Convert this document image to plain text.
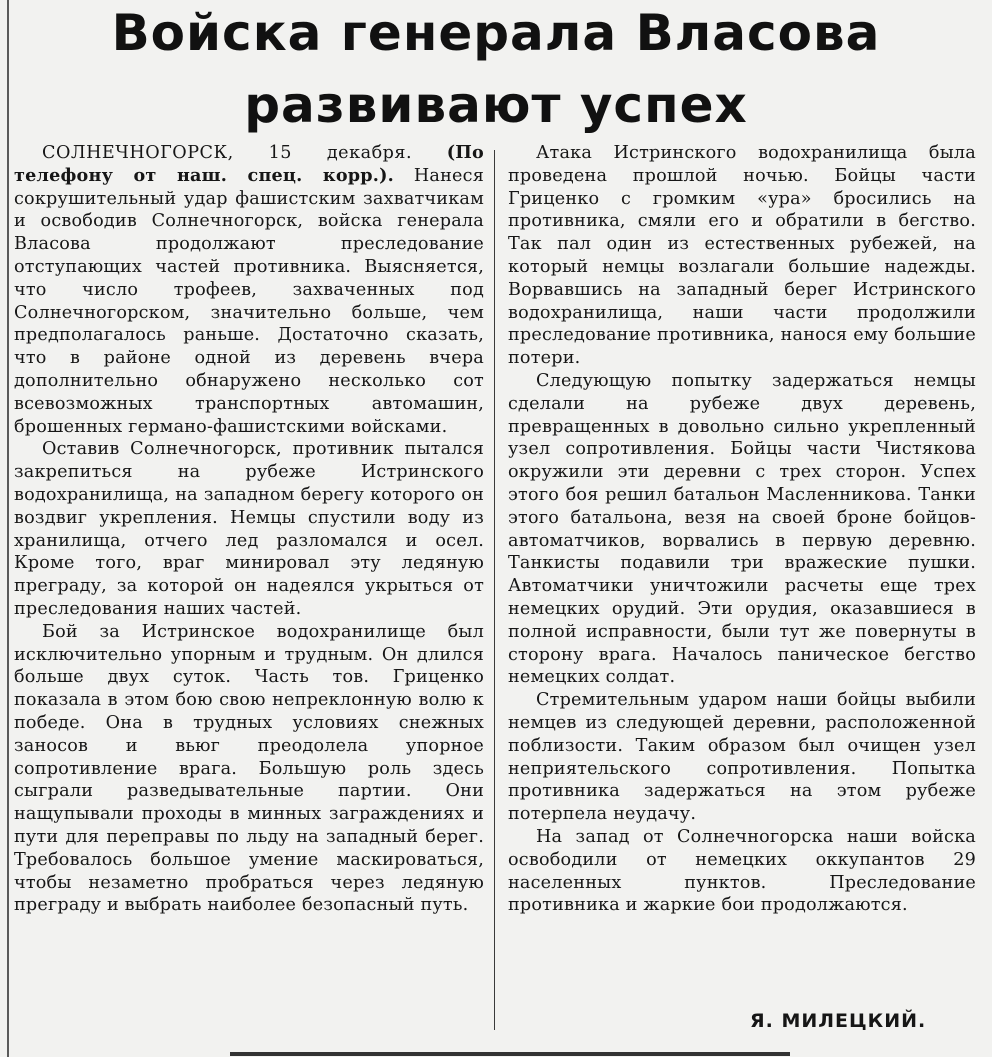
Войска генерала Власова
развивают успех

СОЛНЕЧНОГОРСК, 15 декабря. (По телефону от наш. спец. корр.). Нанеся сокрушительный удар фашистским захватчикам и освободив Солнечногорск, войска генерала Власова продолжают преследование отступающих частей противника. Выясняется, что число трофеев, захваченных под Солнечногорском, значительно больше, чем предполагалось раньше. Достаточно сказать, что в районе одной из деревень вчера дополнительно обнаружено несколько сот всевозможных транспортных автомашин, брошенных германо-фашистскими войсками.

Оставив Солнечногорск, противник пытался закрепиться на рубеже Истринского водохранилища, на западном берегу которого он воздвиг укрепления. Немцы спустили воду из хранилища, отчего лед разломался и осел. Кроме того, враг минировал эту ледяную преграду, за которой он надеялся укрыться от преследования наших частей.

Бой за Истринское водохранилище был исключительно упорным и трудным. Он длился больше двух суток. Часть тов. Гриценко показала в этом бою свою непреклонную волю к победе. Она в трудных условиях снежных заносов и вьюг преодолела упорное сопротивление врага. Большую роль здесь сыграли разведывательные партии. Они нащупывали проходы в минных заграждениях и пути для переправы по льду на западный берег. Требовалось большое умение маскироваться, чтобы незаметно пробраться через ледяную преграду и выбрать наиболее безопасный путь.

Атака Истринского водохранилища была проведена прошлой ночью. Бойцы части Гриценко с громким «ура» бросились на противника, смяли его и обратили в бегство. Так пал один из естественных рубежей, на который немцы возлагали большие надежды. Ворвавшись на западный берег Истринского водохранилища, наши части продолжили преследование противника, нанося ему большие потери.

Следующую попытку задержаться немцы сделали на рубеже двух деревень, превращенных в довольно сильно укрепленный узел сопротивления. Бойцы части Чистякова окружили эти деревни с трех сторон. Успех этого боя решил батальон Масленникова. Танки этого батальона, везя на своей броне бойцов-автоматчиков, ворвались в первую деревню. Танкисты подавили три вражеские пушки. Автоматчики уничтожили расчеты еще трех немецких орудий. Эти орудия, оказавшиеся в полной исправности, были тут же повернуты в сторону врага. Началось паническое бегство немецких солдат.

Стремительным ударом наши бойцы выбили немцев из следующей деревни, расположенной поблизости. Таким образом был очищен узел неприятельского сопротивления. Попытка противника задержаться на этом рубеже потерпела неудачу.

На запад от Солнечногорска наши войска освободили от немецких оккупантов 29 населенных пунктов. Преследование противника и жаркие бои продолжаются.

Я. МИЛЕЦКИЙ.
